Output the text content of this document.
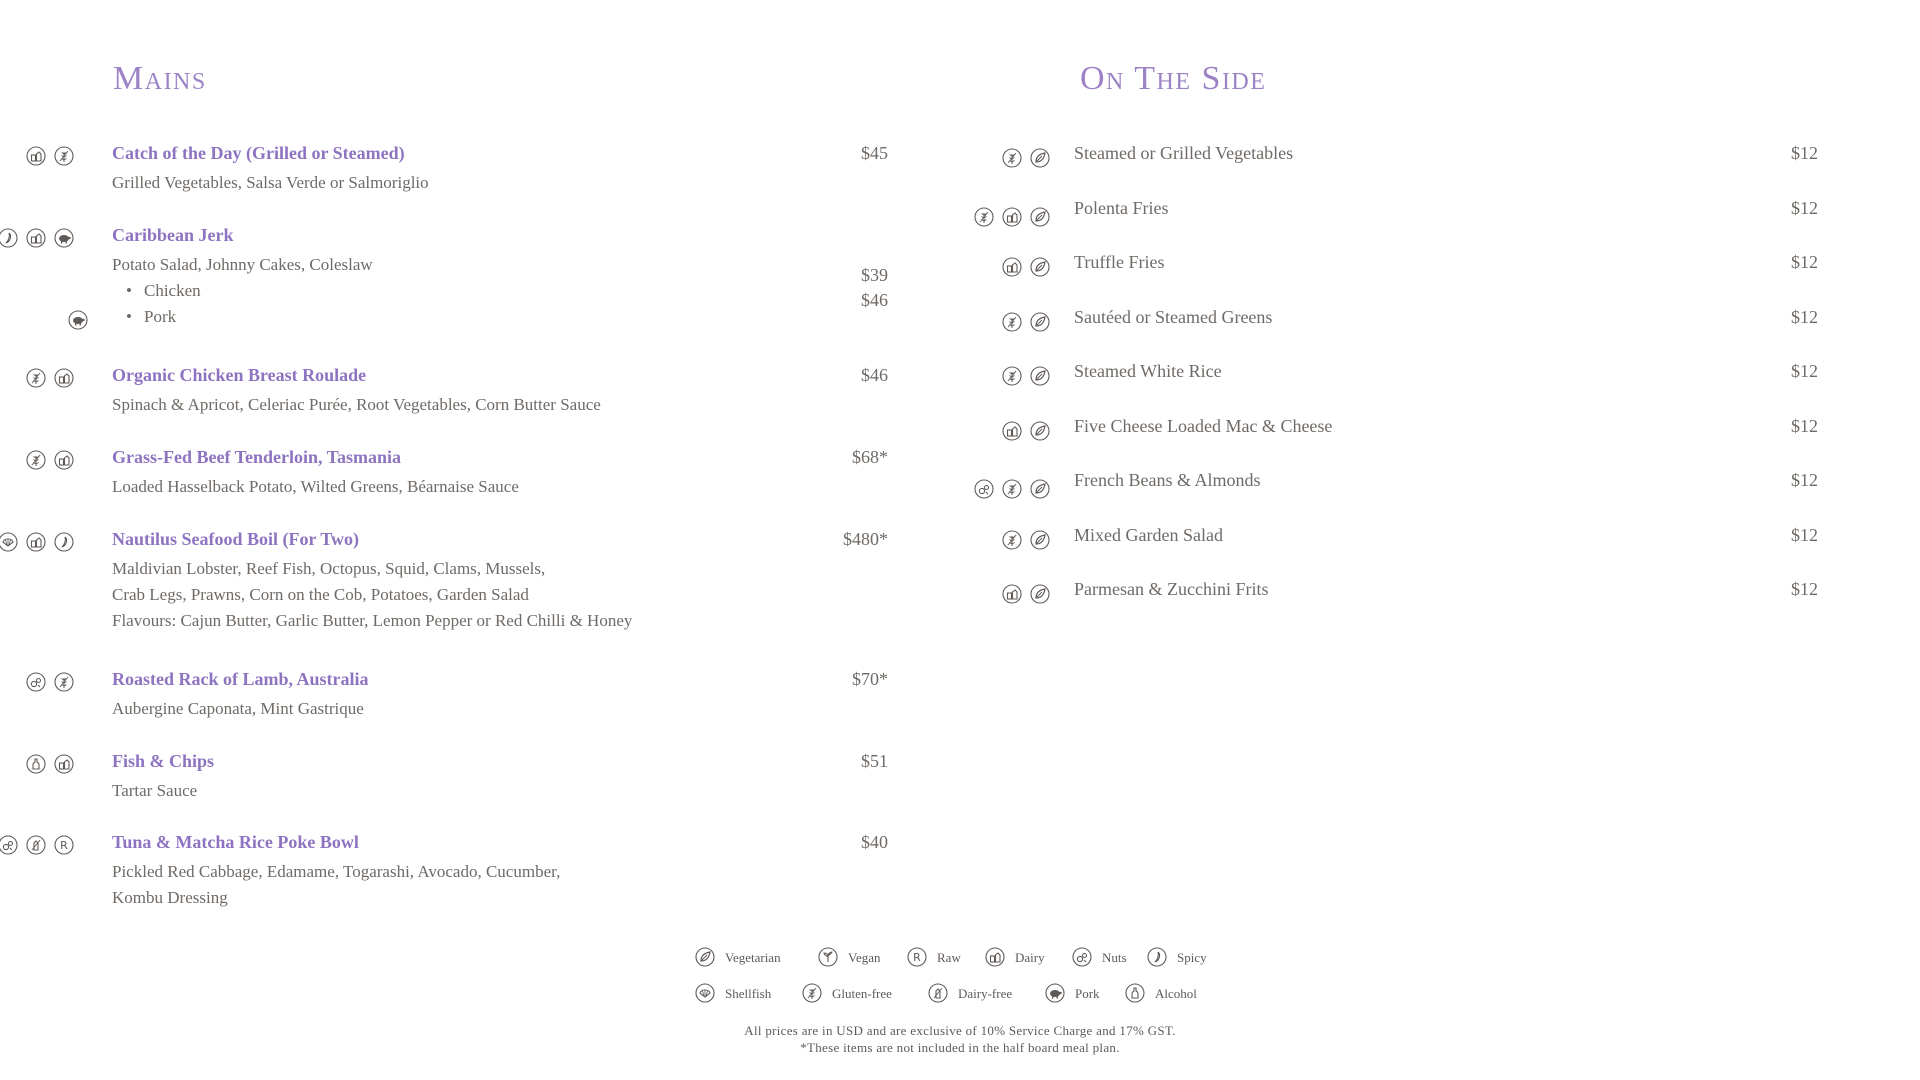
Mains	On The Side
Catch of the Day (Grilled or Steamed)	$45
Grilled Vegetables, Salsa Verde or Salmoriglio
Caribbean Jerk
Potato Salad, Johnny Cakes, Coleslaw
• Chicken
$39
• Pork
$46
Organic Chicken Breast Roulade	$46
Spinach & Apricot, Celeriac Purée, Root Vegetables, Corn Butter Sauce
Grass-Fed Beef Tenderloin, Tasmania	$68*
Loaded Hasselback Potato, Wilted Greens, Béarnaise Sauce
Nautilus Seafood Boil (For Two)	$480*
Maldivian Lobster, Reef Fish, Octopus, Squid, Clams, Mussels,
Crab Legs, Prawns, Corn on the Cob, Potatoes, Garden Salad
Flavours: Cajun Butter, Garlic Butter, Lemon Pepper or Red Chilli & Honey
Roasted Rack of Lamb, Australia	$70*
Aubergine Caponata, Mint Gastrique
Fish & Chips	$51
Tartar Sauce
Tuna & Matcha Rice Poke Bowl	$40
Pickled Red Cabbage, Edamame, Togarashi, Avocado, Cucumber,
Kombu Dressing
R
Steamed or Grilled Vegetables	$12
Polenta Fries	$12
Truffle Fries	$12
Sautéed or Steamed Greens	$12
Steamed White Rice	$12
Five Cheese Loaded Mac & Cheese	$12
French Beans & Almonds	$12
Mixed Garden Salad	$12
Parmesan & Zucchini Frits	$12
Vegetarian	Vegan	R Raw	Dairy	Nuts	Spicy
Shellfish	Gluten-free	Dairy-free	Pork	Alcohol
All prices are in USD and are exclusive of 10% Service Charge and 17% GST.
*These items are not included in the half board meal plan.
